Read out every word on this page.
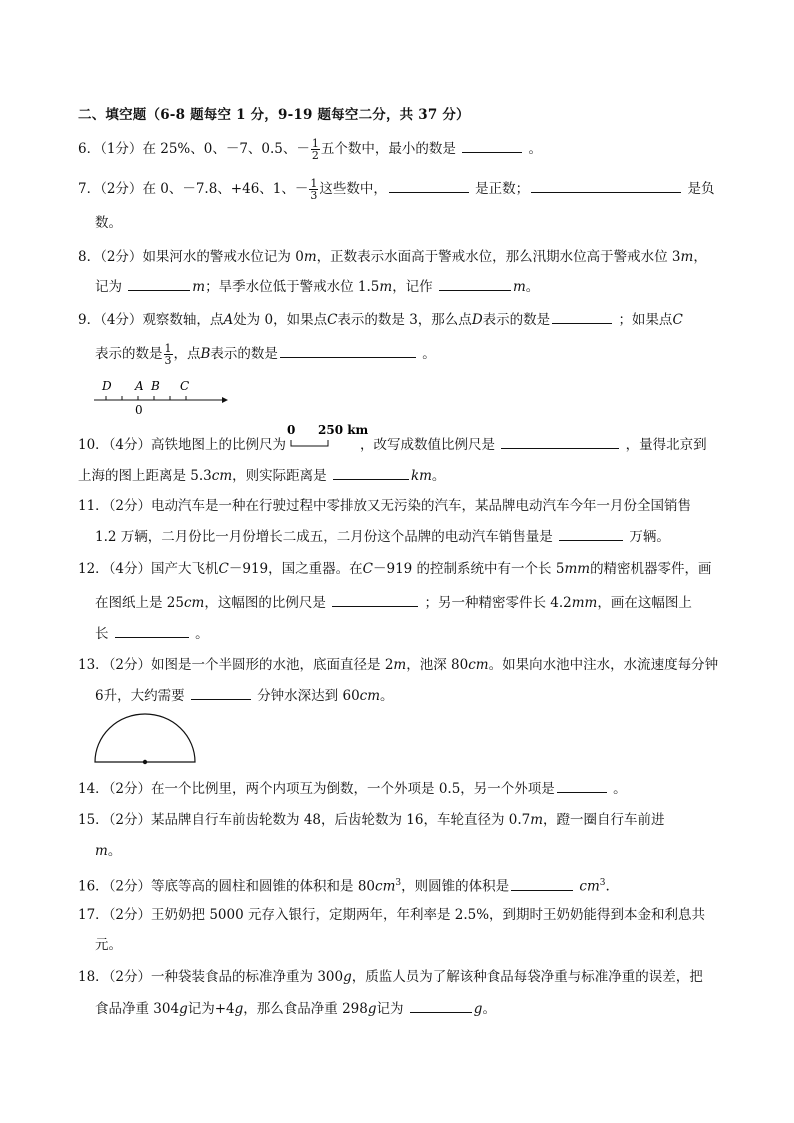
二、填空题（6-8 题每空 1 分，9-19 题每空二分，共 37 分）
6．（1分）在 25%、0、－7、0.5、－ $\frac{1}{2}$ 五个数中，最小的数是	。
7．（2分）在 0、－7.8、+46、1、－ $\frac{1}{3}$ 这些数中，	是正数；	是负
数。
8．（2分）如果河水的警戒水位记为 0m，正数表示水面高于警戒水位，那么汛期水位高于警戒水位 3m，
记为	m；旱季水位低于警戒水位 1.5m，记作	m。
9．（4分）观察数轴，点A处为 0，如果点C表示的数是 3，那么点D表示的数是	；如果点C
表示的数是 $\frac{1}{3}$ ，点B表示的数是	。
D A B C
0
10．（4分）高铁地图上的比例尺为	，改写成数值比例尺是	，量得北京到
0 250 km
上海的图上距离是 5.3cm，则实际距离是	km。
11．（2分）电动汽车是一种在行驶过程中零排放又无污染的汽车，某品牌电动汽车今年一月份全国销售
1.2 万辆，二月份比一月份增长二成五，二月份这个品牌的电动汽车销售量是	万辆。
12．（4分）国产大飞机C－919，国之重器。在C－919 的控制系统中有一个长 5mm的精密机器零件，画
在图纸上是 25cm，这幅图的比例尺是	；另一种精密零件长 4.2mm，画在这幅图上
长	。
13．（2分）如图是一个半圆形的水池，底面直径是 2m，池深 80cm。如果向水池中注水，水流速度每分钟
6升，大约需要	分钟水深达到 60cm。
14．（2分）在一个比例里，两个内项互为倒数，一个外项是 0.5，另一个外项是	。
15．（2分）某品牌自行车前齿轮数为 48，后齿轮数为 16，车轮直径为 0.7m，蹬一圈自行车前进
m。
16．（2分）等底等高的圆柱和圆锥的体积和是 $80cm^3$，则圆锥的体积是	$cm^3$.
17．（2分）王奶奶把 5000 元存入银行，定期两年，年利率是 2.5%，到期时王奶奶能得到本金和利息共
元。
18．（2分）一种袋装食品的标准净重为 300g，质监人员为了解该种食品每袋净重与标准净重的误差，把
食品净重 304g记为+4g，那么食品净重 298g记为	g。
